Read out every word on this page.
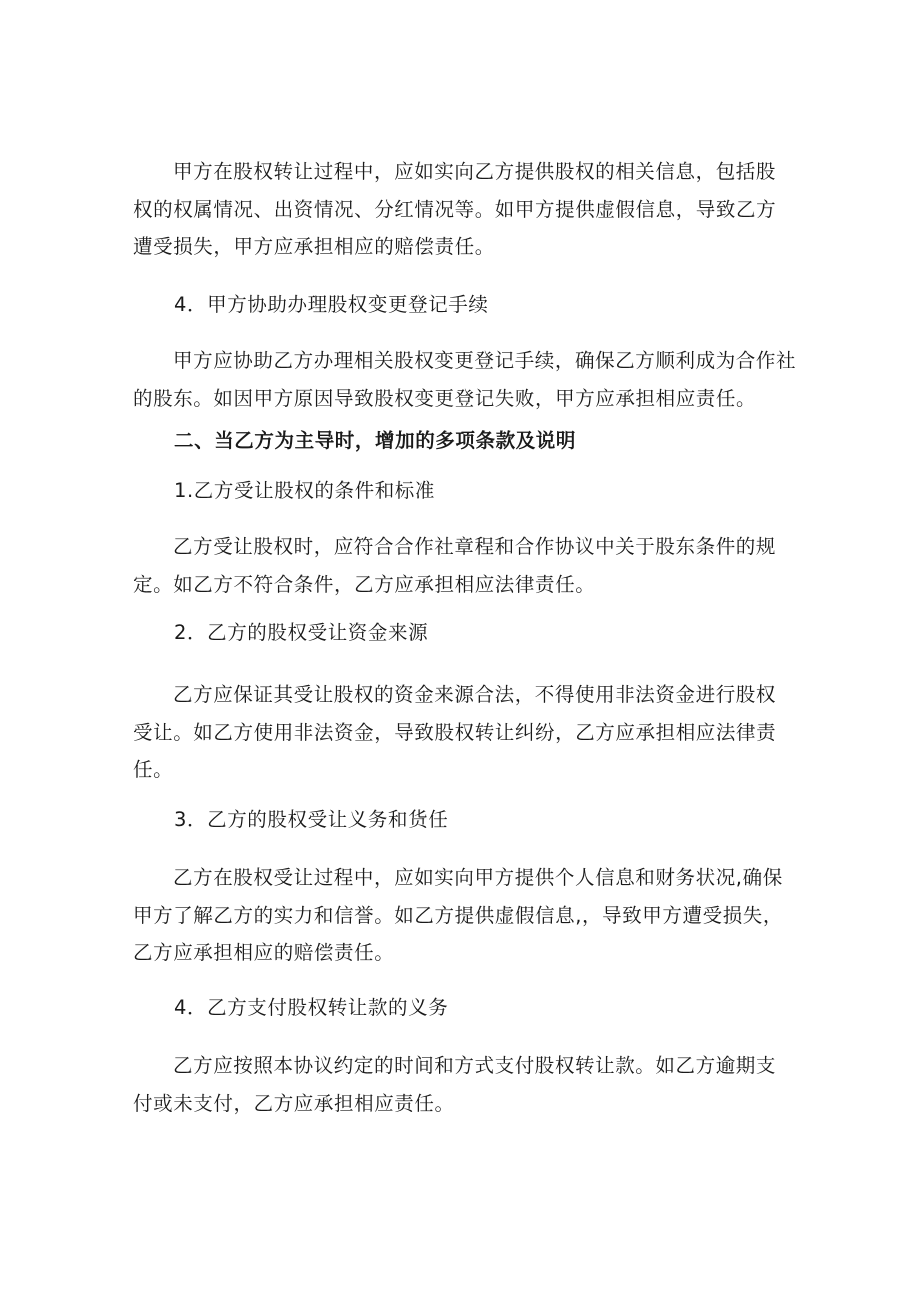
甲方在股权转让过程中，应如实向乙方提供股权的相关信息，包括股
权的权属情况、出资情况、分红情况等。如甲方提供虚假信息，导致乙方
遭受损失，甲方应承担相应的赔偿责任。
4．甲方协助办理股权变更登记手续
甲方应协助乙方办理相关股权变更登记手续，确保乙方顺利成为合作社
的股东。如因甲方原因导致股权变更登记失败，甲方应承担相应责任。
二、当乙方为主导时，增加的多项条款及说明
1.乙方受让股权的条件和标准
乙方受让股权时，应符合合作社章程和合作协议中关于股东条件的规
定。如乙方不符合条件，乙方应承担相应法律责任。
2．乙方的股权受让资金来源
乙方应保证其受让股权的资金来源合法，不得使用非法资金进行股权
受让。如乙方使用非法资金，导致股权转让纠纷，乙方应承担相应法律责
任。
3．乙方的股权受让义务和货任
乙方在股权受让过程中，应如实向甲方提供个人信息和财务状况,确保
甲方了解乙方的实力和信誉。如乙方提供虚假信息,，导致甲方遭受损失，
乙方应承担相应的赔偿责任。
4．乙方支付股权转让款的义务
乙方应按照本协议约定的时间和方式支付股权转让款。如乙方逾期支
付或未支付，乙方应承担相应责任。
